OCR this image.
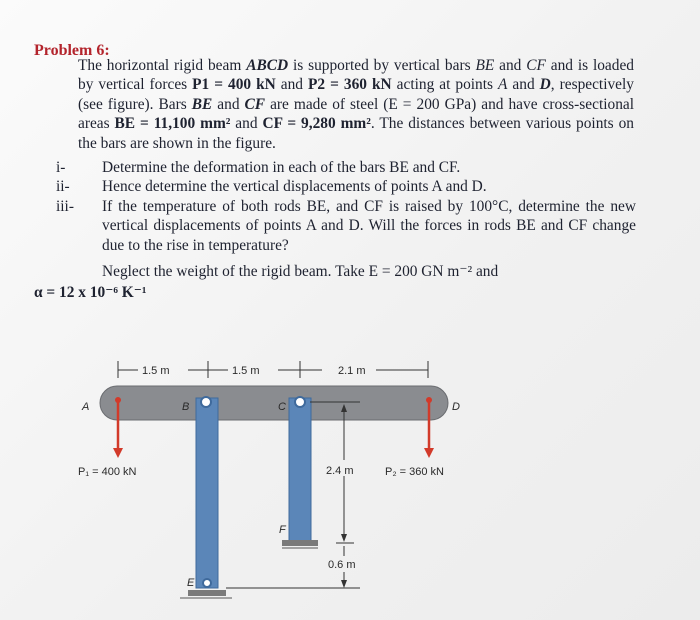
Problem 6:
The horizontal rigid beam ABCD is supported by vertical bars BE and CF and is loaded by vertical forces P1 = 400 kN and P2 = 360 kN acting at points A and D, respectively (see figure). Bars BE and CF are made of steel (E = 200 GPa) and have cross-sectional areas BE = 11,100 mm² and CF = 9,280 mm². The distances between various points on the bars are shown in the figure.
i-	Determine the deformation in each of the bars BE and CF.
ii-	Hence determine the vertical displacements of points A and D.
iii-	If the temperature of both rods BE, and CF is raised by 100°C, determine the new vertical displacements of points A and D. Will the forces in rods BE and CF change due to the rise in temperature?
Neglect the weight of the rigid beam. Take E = 200 GN m⁻² and
α = 12 x 10⁻⁶ K⁻¹
1.5 m	1.5 m	2.1 m
2.4 m
0.6 m
A	B	C	D
E
F
P₁ = 400 kN	P₂ = 360 kN
